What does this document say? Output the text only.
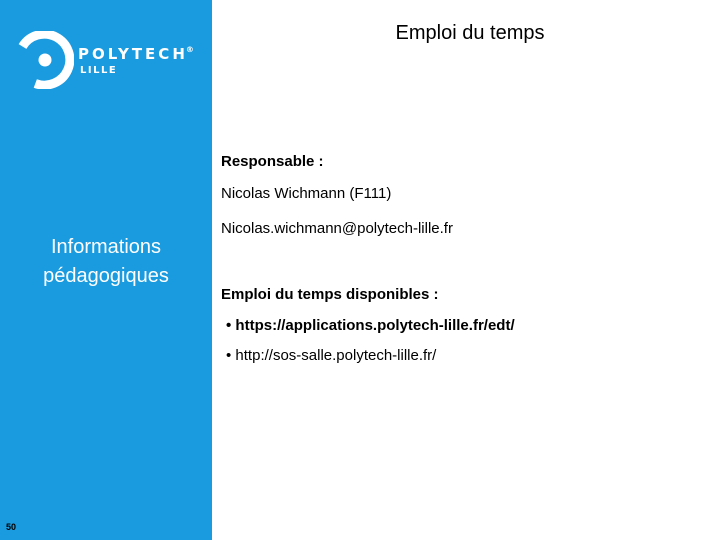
POLYTECH®
LILLE
Informations pédagogiques
50
Emploi du temps

Responsable :

Nicolas Wichmann (F111)

Nicolas.wichmann@polytech-lille.fr

Emploi du temps disponibles :

• https://applications.polytech-lille.fr/edt/

• http://sos-salle.polytech-lille.fr/
